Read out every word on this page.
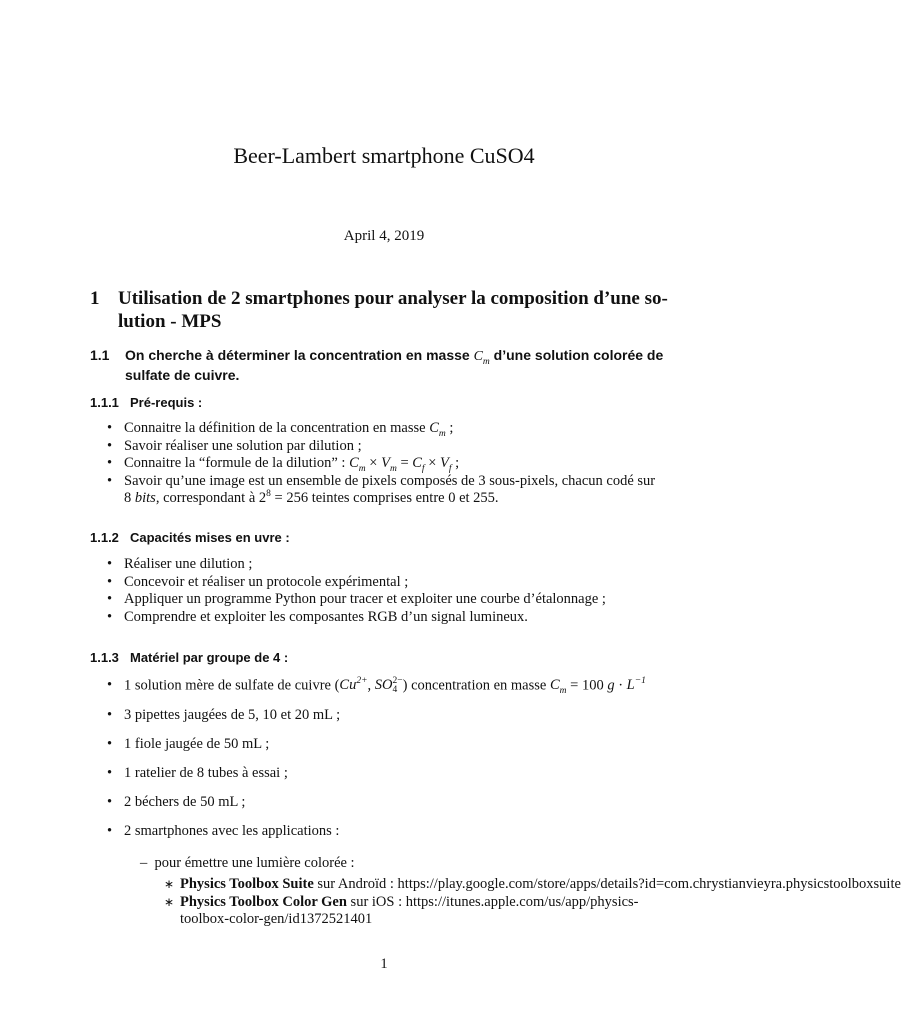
Beer-Lambert smartphone CuSO4
April 4, 2019
1 Utilisation de 2 smartphones pour analyser la composition d’une so-
lution - MPS
1.1 On cherche à déterminer la concentration en masse $C_m$ d’une solution colorée de
sulfate de cuivre.
1.1.1 Pré-requis :
• Connaitre la définition de la concentration en masse $C_m$ ;
• Savoir réaliser une solution par dilution ;
• Connaitre la “formule de la dilution” : $C_m \times V_m = C_f \times V_f$ ;
• Savoir qu’une image est un ensemble de pixels composés de 3 sous-pixels, chacun codé sur
8 bits, correspondant à $2^8 = 256$ teintes comprises entre 0 et 255.
1.1.2 Capacités mises en uvre :
• Réaliser une dilution ;
• Concevoir et réaliser un protocole expérimental ;
• Appliquer un programme Python pour tracer et exploiter une courbe d’étalonnage ;
• Comprendre et exploiter les composantes RGB d’un signal lumineux.
1.1.3 Matériel par groupe de 4 :
• 1 solution mère de sulfate de cuivre ($Cu^{2+}$, SO 2−
4 ) concentration en masse $C_m = 100$ $g \cdot L^{-1}$
• 3 pipettes jaugées de 5, 10 et 20 mL ;
• 1 fiole jaugée de 50 mL ;
• 1 ratelier de 8 tubes à essai ;
• 2 béchers de 50 mL ;
• 2 smartphones avec les applications :
– pour émettre une lumière colorée :
∗ Physics Toolbox Suite sur Androïd : https://play.google.com/store/apps/details?id=com.chrystianvieyra.physicstoolboxsuite
∗ Physics Toolbox Color Gen sur iOS : https://itunes.apple.com/us/app/physics-
toolbox-color-gen/id1372521401
1
